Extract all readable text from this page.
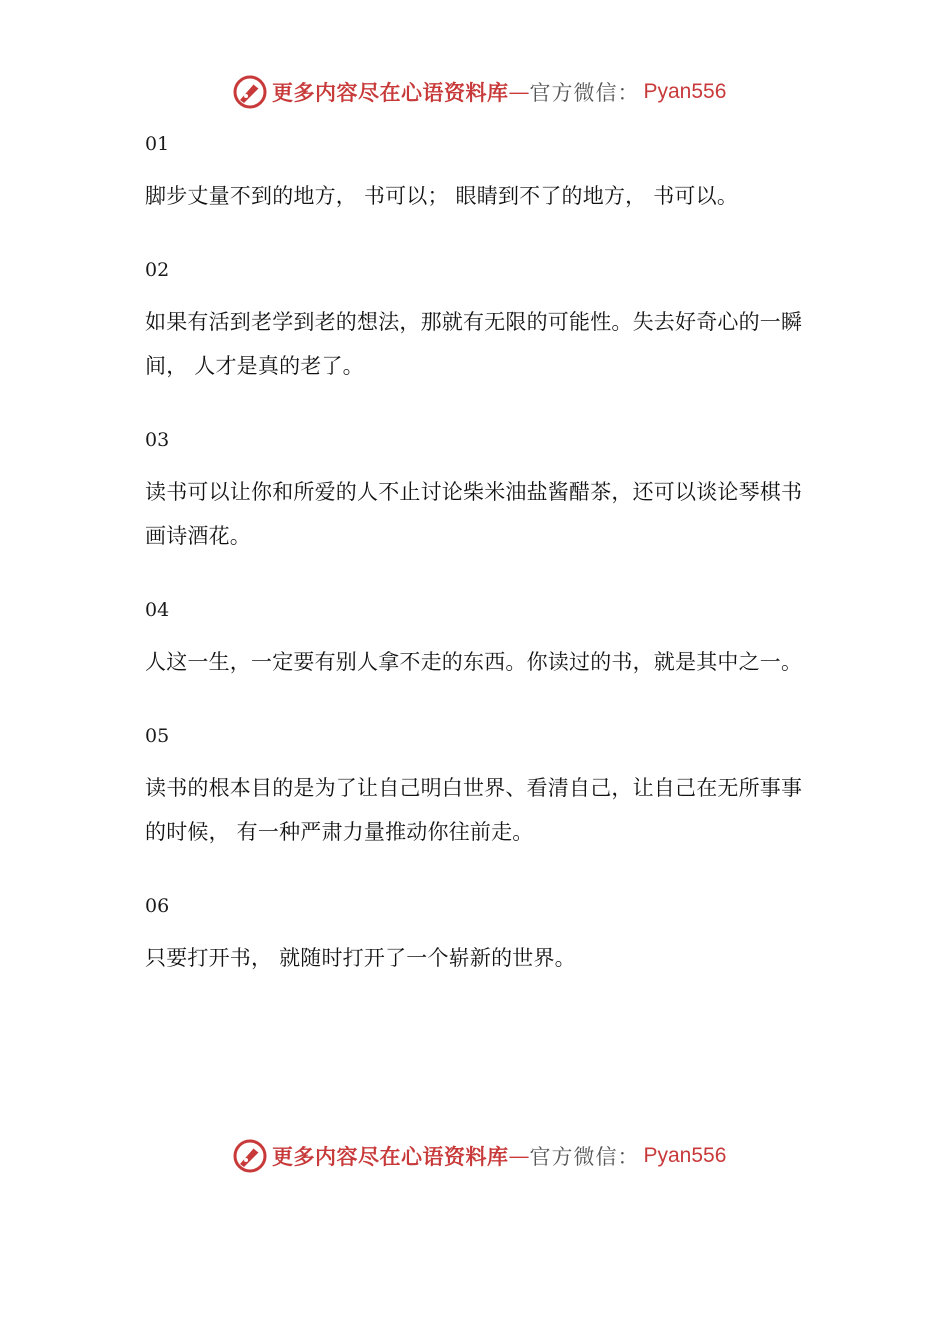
更多内容尽在心语资料库 — 官方微信： Pyan556
01
脚步丈量不到的地方， 书可以； 眼睛到不了的地方， 书可以。
02
如果有活到老学到老的想法，那就有无限的可能性。失去好奇心的一瞬间， 人才是真的老了。
03
读书可以让你和所爱的人不止讨论柴米油盐酱醋茶，还可以谈论琴棋书画诗酒花。
04
人这一生，一定要有别人拿不走的东西。你读过的书，就是其中之一。
05
读书的根本目的是为了让自己明白世界、看清自己，让自己在无所事事的时候， 有一种严肃力量推动你往前走。
06
只要打开书， 就随时打开了一个崭新的世界。
更多内容尽在心语资料库 — 官方微信： Pyan556
